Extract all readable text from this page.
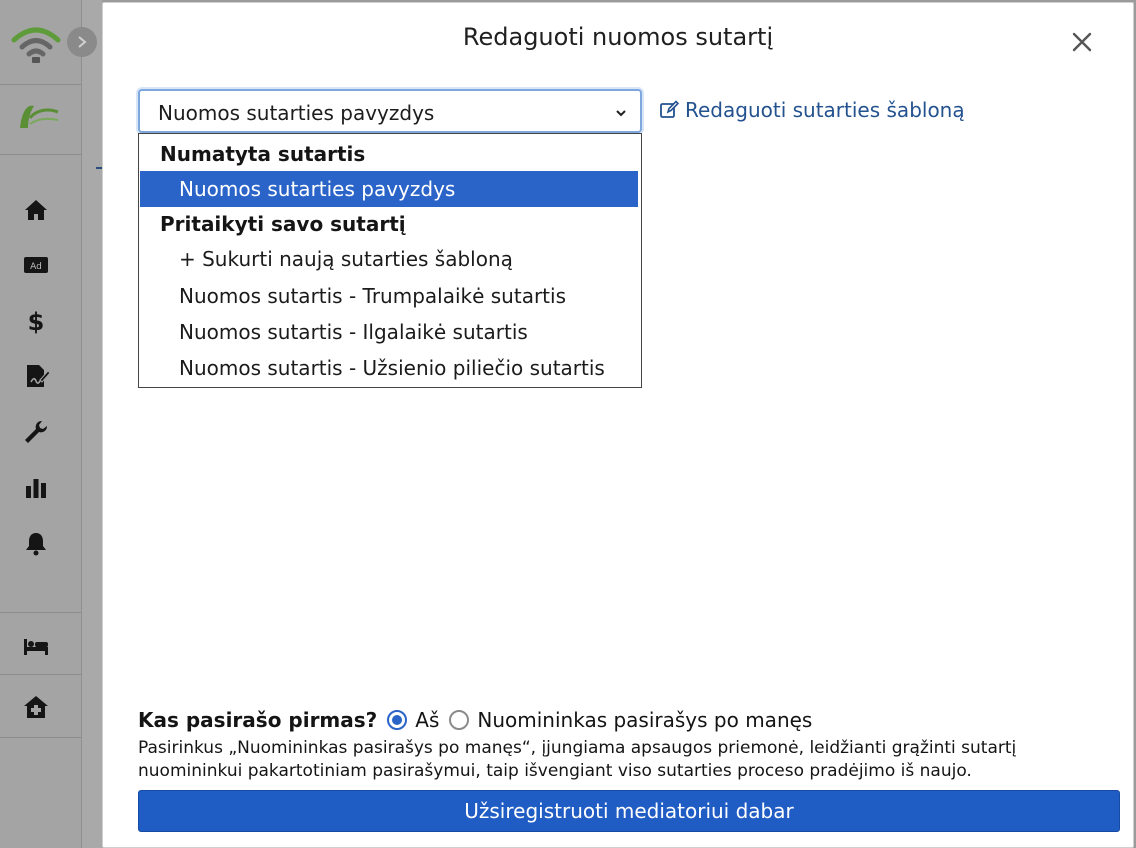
Ad
$
Redaguoti nuomos sutartį
Nuomos sutarties pavyzdys	Redaguoti sutarties šabloną
Numatyta sutartis
Nuomos sutarties pavyzdys
Pritaikyti savo sutartį
+ Sukurti naują sutarties šabloną
Nuomos sutartis - Trumpalaikė sutartis
Nuomos sutartis - Ilgalaikė sutartis
Nuomos sutartis - Užsienio piliečio sutartis
Kas pasirašo pirmas? Aš Nuomininkas pasirašys po manęs
Pasirinkus „Nuomininkas pasirašys po manęs“, įjungiama apsaugos priemonė, leidžianti grąžinti sutartį nuomininkui pakartotiniam pasirašymui, taip išvengiant viso sutarties proceso pradėjimo iš naujo.
Užsiregistruoti mediatoriui dabar
